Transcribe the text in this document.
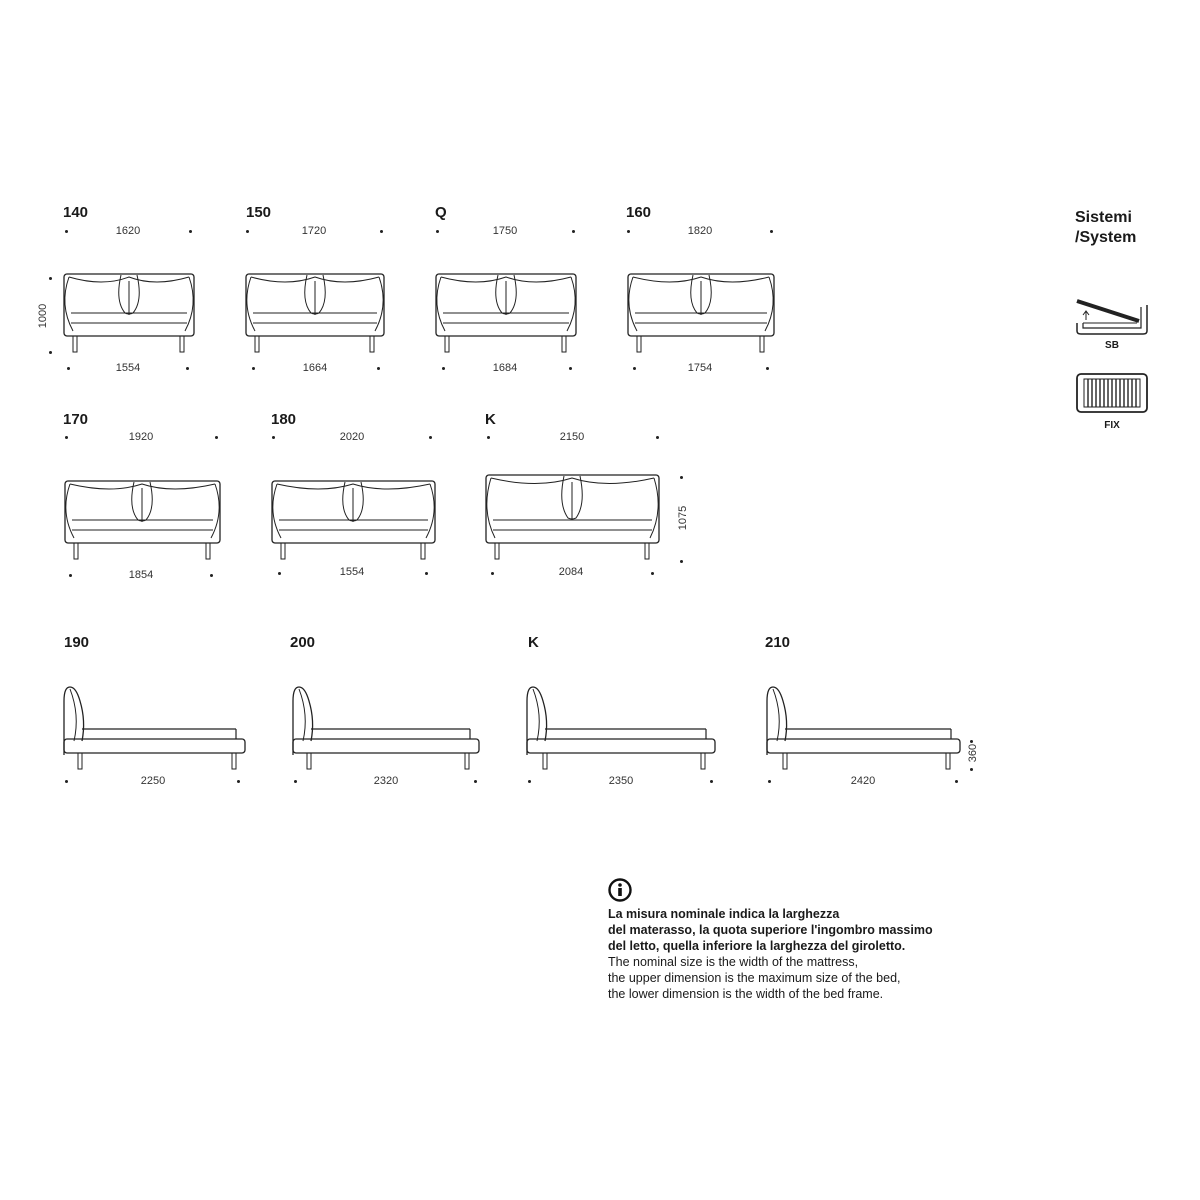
140
1620
1000
1554
150
1720
1664
Q
1750
1684
160
1820
1754
170
1920
1854
180
2020
1554
K
2150
1075
2084
190
2250
200
2320
K
2350
210
360
2420
Sistemi
/System
SB
FIX
La misura nominale indica la larghezza
del materasso, la quota superiore l'ingombro massimo
del letto, quella inferiore la larghezza del giroletto.
The nominal size is the width of the mattress,
the upper dimension is the maximum size of the bed,
the lower dimension is the width of the bed frame.
